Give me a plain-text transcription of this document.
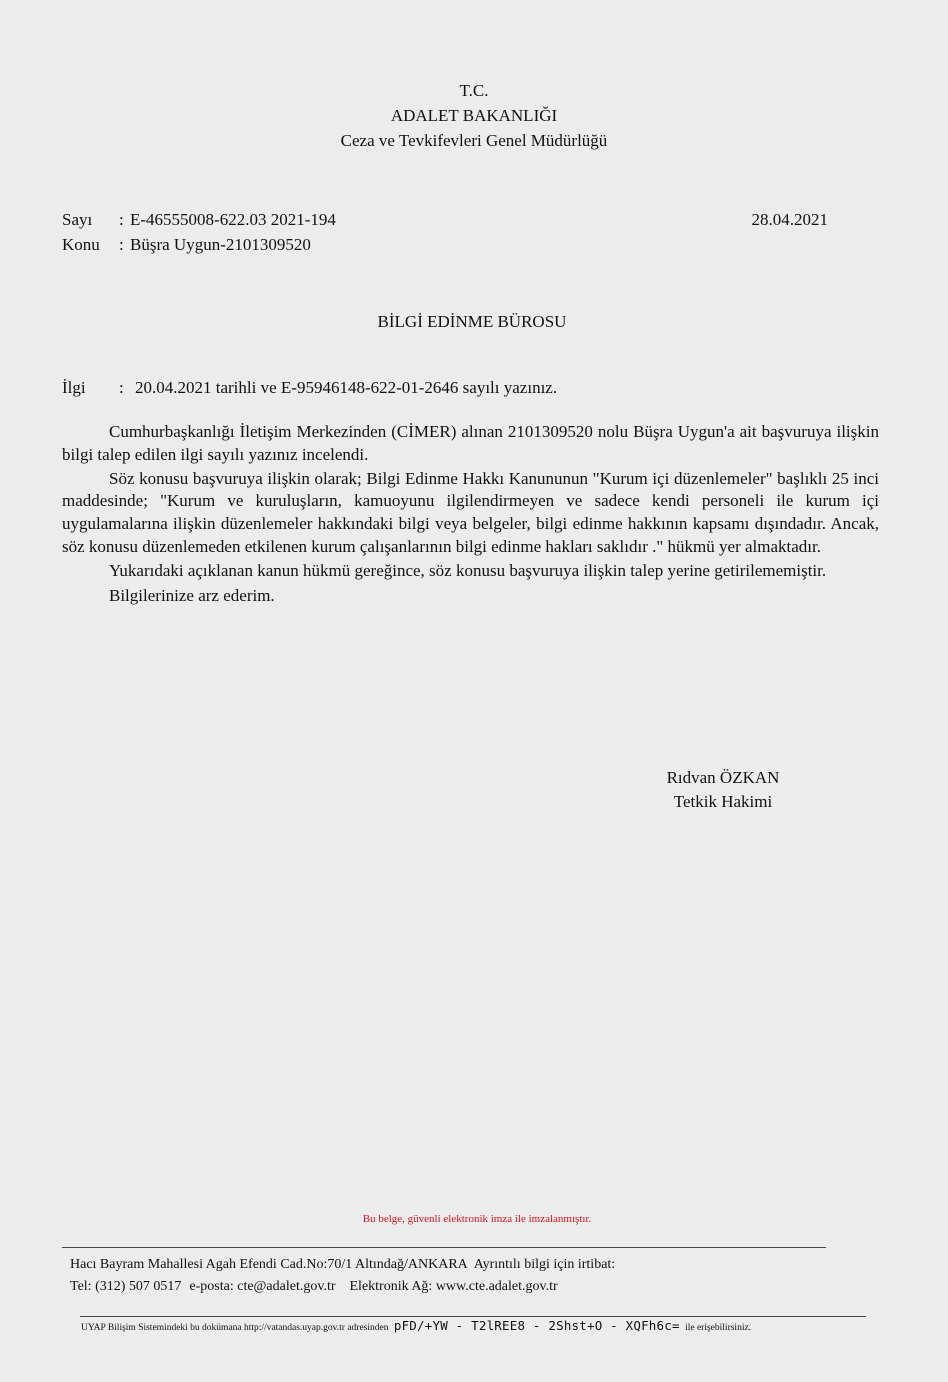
T.C.
ADALET BAKANLIĞI
Ceza ve Tevkifevleri Genel Müdürlüğü
Sayı : E-46555008-622.03 2021-194	28.04.2021
Konu : Büşra Uygun-2101309520
BİLGİ EDİNME BÜROSU
İlgi : 20.04.2021 tarihli ve E-95946148-622-01-2646 sayılı yazınız.

Cumhurbaşkanlığı İletişim Merkezinden (CİMER) alınan 2101309520 nolu Büşra Uygun'a ait başvuruya ilişkin bilgi talep edilen ilgi sayılı yazınız incelendi.

Söz konusu başvuruya ilişkin olarak; Bilgi Edinme Hakkı Kanununun "Kurum içi düzenlemeler" başlıklı 25 inci maddesinde; "Kurum ve kuruluşların, kamuoyunu ilgilendirmeyen ve sadece kendi personeli ile kurum içi uygulamalarına ilişkin düzenlemeler hakkındaki bilgi veya belgeler, bilgi edinme hakkının kapsamı dışındadır. Ancak, söz konusu düzenlemeden etkilenen kurum çalışanlarının bilgi edinme hakları saklıdır ." hükmü yer almaktadır.

Yukarıdaki açıklanan kanun hükmü gereğince, söz konusu başvuruya ilişkin talep yerine getirilememiştir.

Bilgilerinize arz ederim.

Rıdvan ÖZKAN
Tetkik Hakimi
Bu belge, güvenli elektronik imza ile imzalanmıştır.
Hacı Bayram Mahallesi Agah Efendi Cad.No:70/1 Altındağ/ANKARA Ayrıntılı bilgi için irtibat:
Tel: (312) 507 0517 e-posta: cte@adalet.gov.tr Elektronik Ağ: www.cte.adalet.gov.tr
UYAP Bilişim Sistemindeki bu dokümana http://vatandas.uyap.gov.tr adresinden pFD/+YW - T2lREE8 - 2Shst+O - XQFh6c= ile erişebilirsiniz.
